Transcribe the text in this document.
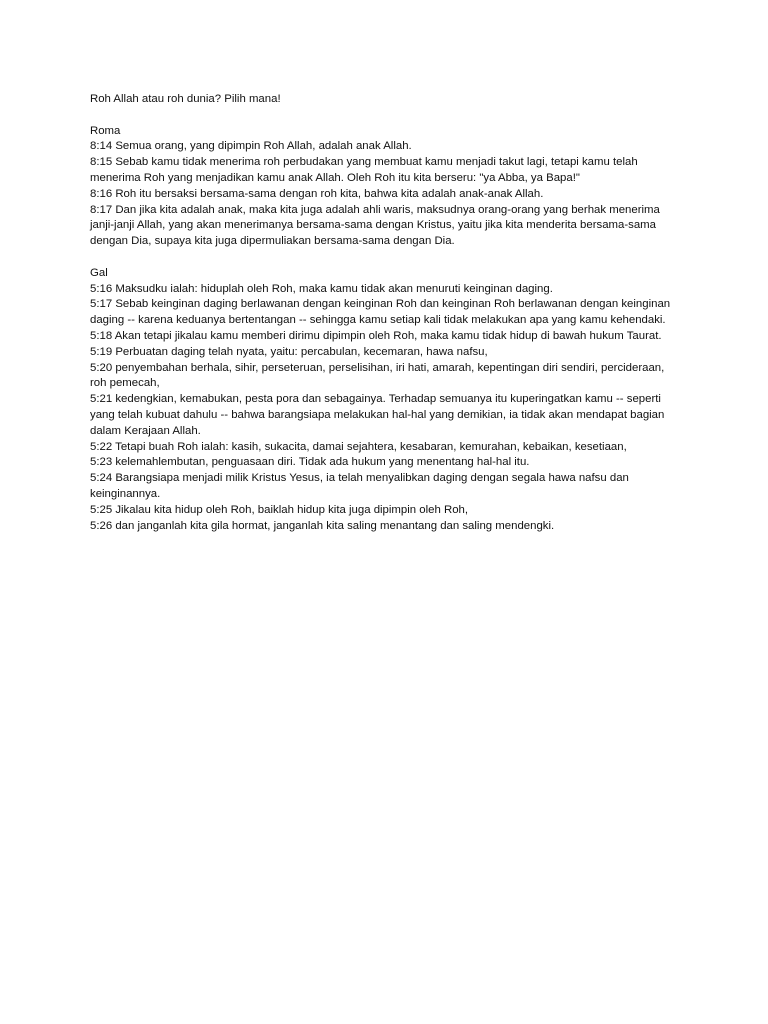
Roh Allah atau roh dunia? Pilih mana!
Roma
8:14 Semua orang, yang dipimpin Roh Allah, adalah anak Allah.
8:15 Sebab kamu tidak menerima roh perbudakan yang membuat kamu menjadi takut lagi, tetapi kamu telah
menerima Roh yang menjadikan kamu anak Allah. Oleh Roh itu kita berseru: "ya Abba, ya Bapa!"
8:16 Roh itu bersaksi bersama-sama dengan roh kita, bahwa kita adalah anak-anak Allah.
8:17 Dan jika kita adalah anak, maka kita juga adalah ahli waris, maksudnya orang-orang yang berhak menerima
janji-janji Allah, yang akan menerimanya bersama-sama dengan Kristus, yaitu jika kita menderita bersama-sama
dengan Dia, supaya kita juga dipermuliakan bersama-sama dengan Dia.
Gal
5:16 Maksudku ialah: hiduplah oleh Roh, maka kamu tidak akan menuruti keinginan daging.
5:17 Sebab keinginan daging berlawanan dengan keinginan Roh dan keinginan Roh berlawanan dengan keinginan
daging -- karena keduanya bertentangan -- sehingga kamu setiap kali tidak melakukan apa yang kamu kehendaki.
5:18 Akan tetapi jikalau kamu memberi dirimu dipimpin oleh Roh, maka kamu tidak hidup di bawah hukum Taurat.
5:19 Perbuatan daging telah nyata, yaitu: percabulan, kecemaran, hawa nafsu,
5:20 penyembahan berhala, sihir, perseteruan, perselisihan, iri hati, amarah, kepentingan diri sendiri, percideraan,
roh pemecah,
5:21 kedengkian, kemabukan, pesta pora dan sebagainya. Terhadap semuanya itu kuperingatkan kamu -- seperti
yang telah kubuat dahulu -- bahwa barangsiapa melakukan hal-hal yang demikian, ia tidak akan mendapat bagian
dalam Kerajaan Allah.
5:22 Tetapi buah Roh ialah: kasih, sukacita, damai sejahtera, kesabaran, kemurahan, kebaikan, kesetiaan,
5:23 kelemahlembutan, penguasaan diri. Tidak ada hukum yang menentang hal-hal itu.
5:24 Barangsiapa menjadi milik Kristus Yesus, ia telah menyalibkan daging dengan segala hawa nafsu dan
keinginannya.
5:25 Jikalau kita hidup oleh Roh, baiklah hidup kita juga dipimpin oleh Roh,
5:26 dan janganlah kita gila hormat, janganlah kita saling menantang dan saling mendengki.
